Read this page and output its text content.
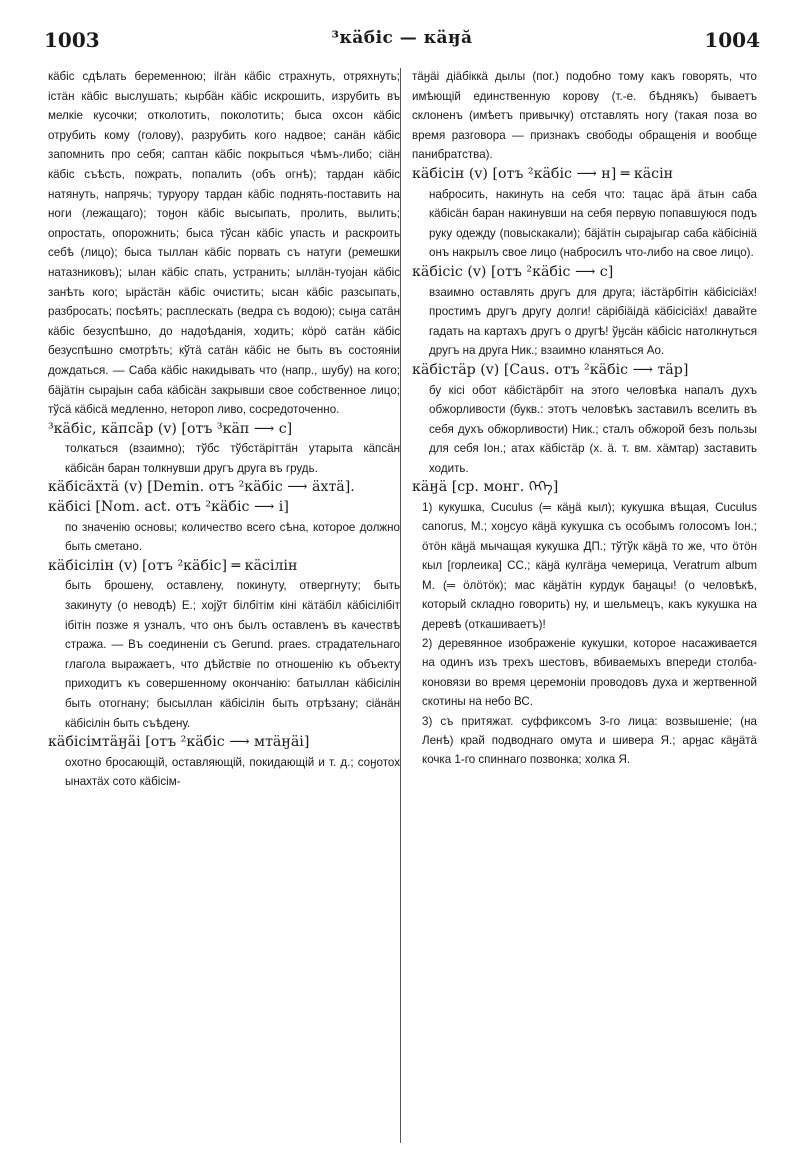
1003	³кäбic — кäӈӑ	1004

кäбic сдѣлать беременною; ilгӓн кäбic страхнуть, отряхнуть; icтӓн кäбic выслушать; кырбӓн кäбic искрошить, изрубить въ мелкіе кусочки; отколотить, поколотить; быса охсон кäбic отрубить кому (голову), разрубить кого надвое; санӓн кäбic запомнить про себя; саптан кäбic покрыться чѣмъ-либо; сiӓн кäбic съѣсть, пожрать, попалить (объ огнѣ); тардан кäбic натянуть, напрячь; туруору тардан кäбic поднять-поставить на ноги (лежащаго); тоӈон кäбic высыпать, пролить, вылить; опростать, опорожнить; быса тўсан кäбic упасть и раскроить себѣ (лицо); быса тыллан кäбic порвать съ натуги (ремешки натазниковъ); ылан кäбic спать, устранить; ыллӓн-туојан кäбic занѣть кого; ырӓстӓн кäбic очистить; ысан кäбic разсыпать, разбросать; посѣять; расплескать (ведра съ водою); сыӈа сатӓн кäбic безуспѣшно, до надоѣданія, ходить; кöрö сатӓн кäбic безуспѣшно смотрѣть; кўтӓ сатӓн кäбic не быть въ состояніи дождаться. — Саба кäбic накидывать что (напр., шубу) на кого; бäјäтiн сыраjын саба кäбiсӓн закрывши свое собственное лицо; тўсӓ кäбiсӓ медленно, нетороп ливо, сосредоточенно.

³кäбic, кäпсäр (v) [отъ ³кäп ⟶ с]

толкаться (взаимно); тўбс тўбстäрiттӓн утарыта кäпсӓн кäбiсӓн баран толкнувши другъ друга въ грудь.

кäбiсӓхтӓ (v) [Demin. отъ ²кäбic ⟶ ӓхтӓ].
кäбiсi [Nom. act. отъ ²кäбic ⟶ i]

по значенiю основы; количество всего сѣна, которое должно быть сметано.

кäбiсiлiн (v) [отъ ²кäбic] ═ кäсiлiн

быть брошену, оставлену, покинуту, отвергнуту; быть закинуту (о неводѣ) Е.; хојўт бiлбiтiм кiнi кäтäбiл кäбiсiлiбiт iбiтiн позже я узналъ, что онъ былъ оставленъ въ качествѣ стража. — Въ соединеніи съ Gerund. praes. страдательнаго глагола выражаетъ, что дѣйствіе по отношенію къ объекту приходитъ къ совершенному окончанію: батыллан кäбiсiлiн быть отогнану; бысыллан кäбiсiлiн быть отрѣзану; сiӓнӓн кäбiсiлiн быть съѣдену.

кäбiсiмтäӈӓi [отъ ²кäбic ⟶ мтäӈӓi]

охотно бросающій, оставляющій, покидающій и т. д.; соӈотох ынахтӓх сото кäбiсiм-

тäӈӓi дiäбiккӓ дылы (пог.) подобно тому какъ говорять, что имѣющій единственную корову (т.-е. бѣднякъ) бываетъ склоненъ (имѣетъ привычку) отставлять ногу (такая поза во время разговора — признакъ свободы обращенія и вообще панибратства).

кäбiсiн (v) [отъ ²кäбic ⟶ н] ═ кäсiн

набросить, накинуть на себя что: тацас äрӓ äтын саба кäбiсӓн баран накинувши на себя первую попавшуюся подъ руку одежду (повыскакали); бäјäтiн сыраjыгар саба кäбiсiнiӓ онъ накрылъ свое лицо (набросилъ что-либо на свое лицо).

кäбiсiс (v) [отъ ²кäбic ⟶ с]

взаимно оставлять другъ для друга; iäстäрбiтiн кäбiсiсiäх! простимъ другъ другу долги! сäрiбiäiдӓ кäбiсiсiäх! давайте гадать на картахъ другъ о другѣ! ўӈсäн кäбiсiс натолкнуться другъ на друга Ник.; взаимно кланяться Ао.

кäбiстäр (v) [Caus. отъ ²кäбic ⟶ тäр]

бу кiсi обот кäбiстäрбiт на этого человѣка напалъ духъ обжорливости (букв.: этотъ человѣкъ заставилъ вселить въ себя духъ обжорливости) Ник.; сталъ обжорой безъ пользы для себя Іон.; атах кäбiстäр (х. ä. т. вм. хӓмтар) заставить ходить.

кäӈӓ [ср. монг. ᠬᠡᠭᠡ]

1) кукушка, Cuculus (═ кäӈӓ кыл); кукушка вѣщая, Cuculus canorus, М.; хоӈсуо кäӈӓ кукушка съ особымъ голосомъ Іон.; öтöн кäӈӓ мычащая кукушка ДП.; тўтўк кäӈӓ то же, что öтöн кыл [горлеика] СС.; кäӈӓ кулгäӈа чемерица, Veratrum album М. (═ öлöтöк); мас кäӈäтiн курдук баӈацы! (о человѣкѣ, который складно говорить) ну, и шельмецъ, какъ кукушка на деревѣ (откашиваетъ)!

2) деревянное изображеніе кукушки, которое насаживается на одинъ изъ трехъ шестовъ, вбиваемыхъ впереди столба-коновязи во время церемоніи проводовъ духа и жертвенной скотины на небо ВС.

3) съ притяжат. суффиксомъ 3-го лица: возвышеніе; (на Ленѣ) край подводнаго омута и шивера Я.; арӈас кäӈäтӓ кочка 1-го спиннаго позвонка; холка Я.
